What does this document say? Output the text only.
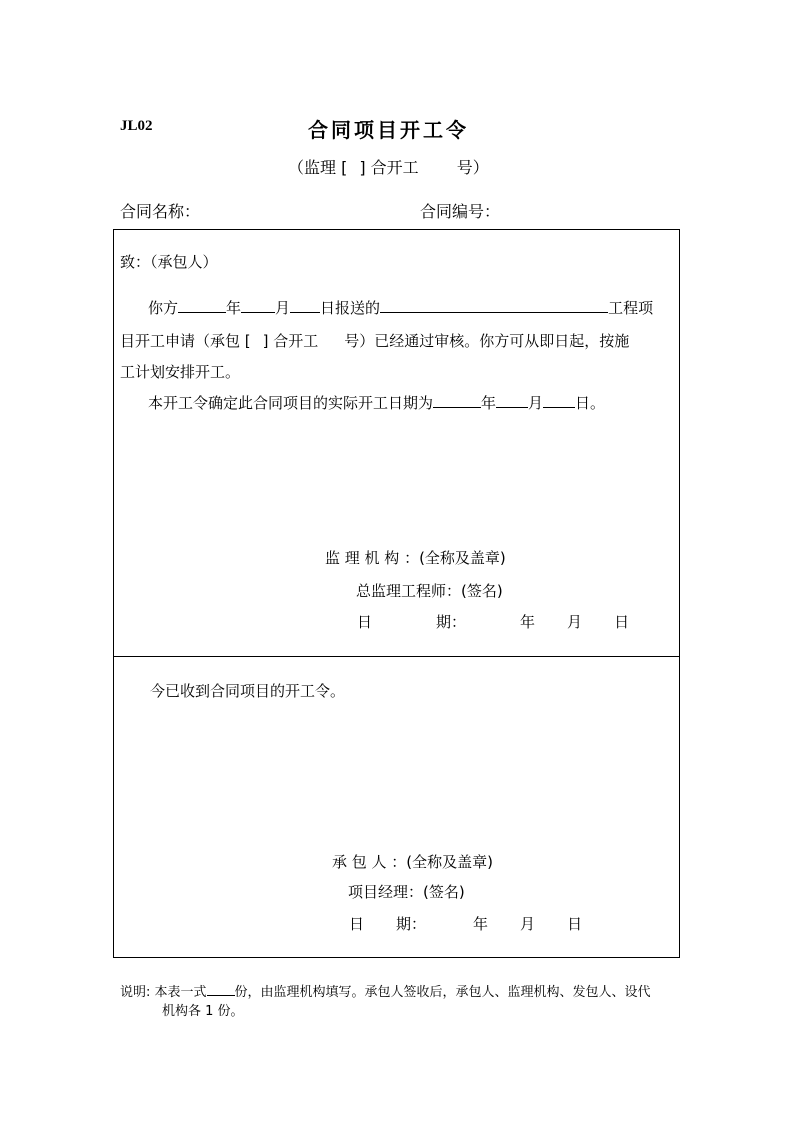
JL02	合同项目开工令
（监理 [ ] 合开工 号）
合同名称：	合同编号：
致：（承包人）
你方	年 月 日报送的	工程项
目开工申请（承包 [ ] 合开工 号）已经通过审核。你方可从即日起，按施
工计划安排开工。
本开工令确定此合同项目的实际开工日期为	年 月 日。
监 理 机 构 ：(全称及盖章)
总监理工程师：(签名)
日	期：	年 月 日
今已收到合同项目的开工令。
承 包 人 ：(全称及盖章)
项目经理：(签名)
日 期：	年 月 日
说明: 本表一式 份，由监理机构填写。承包人签收后，承包人、监理机构、发包人、设代
机构各 1 份。
